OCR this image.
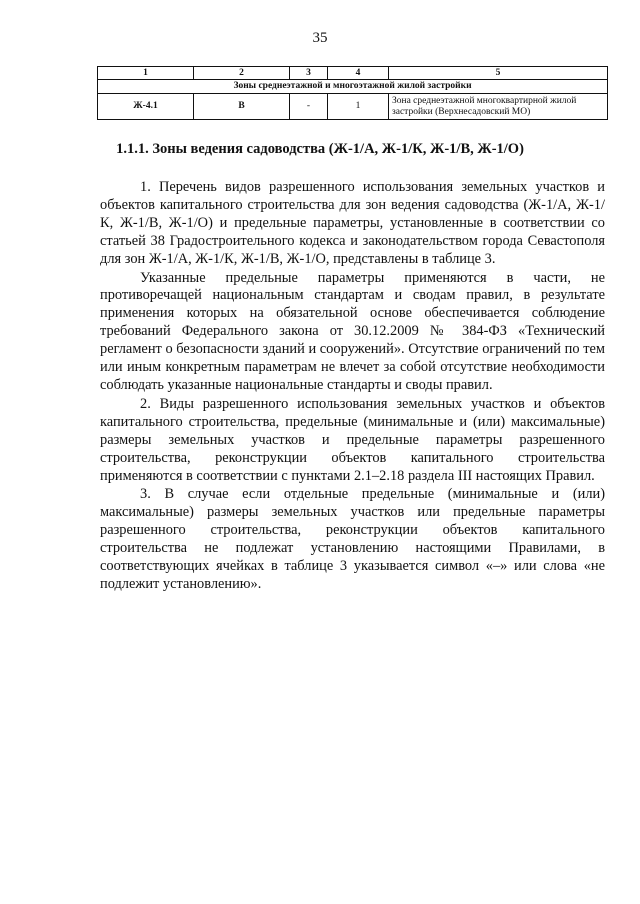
35
1	2	3	4	5
Зоны среднеэтажной и многоэтажной жилой застройки				
Ж-4.1	В	-	1	Зона среднеэтажной многоквартирной жилой застройки (Верхнесадовский МО)
1.1.1. Зоны ведения садоводства (Ж-1/А, Ж-1/К, Ж-1/В, Ж-1/О)

1. Перечень видов разрешенного использования земельных участков и объектов капитального строительства для зон ведения садоводства (Ж-1/А, Ж-1/К, Ж-1/В, Ж-1/О) и предельные параметры, установленные в соответствии со статьей 38 Градостроительного кодекса и законодательством города Севастополя для зон Ж-1/А, Ж-1/К, Ж-1/В, Ж-1/О, представлены в таблице 3.

Указанные предельные параметры применяются в части, не противоречащей национальным стандартам и сводам правил, в результате применения которых на обязательной основе обеспечивается соблюдение требований Федерального закона от 30.12.2009 № 384-ФЗ «Технический регламент о безопасности зданий и сооружений». Отсутствие ограничений по тем или иным конкретным параметрам не влечет за собой отсутствие необходимости соблюдать указанные национальные стандарты и своды правил.

2. Виды разрешенного использования земельных участков и объектов капитального строительства, предельные (минимальные и (или) максимальные) размеры земельных участков и предельные параметры разрешенного строительства, реконструкции объектов капитального строительства применяются в соответствии с пунктами 2.1–2.18 раздела III настоящих Правил.

3. В случае если отдельные предельные (минимальные и (или) максимальные) размеры земельных участков или предельные параметры разрешенного строительства, реконструкции объектов капитального строительства не подлежат установлению настоящими Правилами, в соответствующих ячейках в таблице 3 указывается символ «–» или слова «не подлежит установлению».
